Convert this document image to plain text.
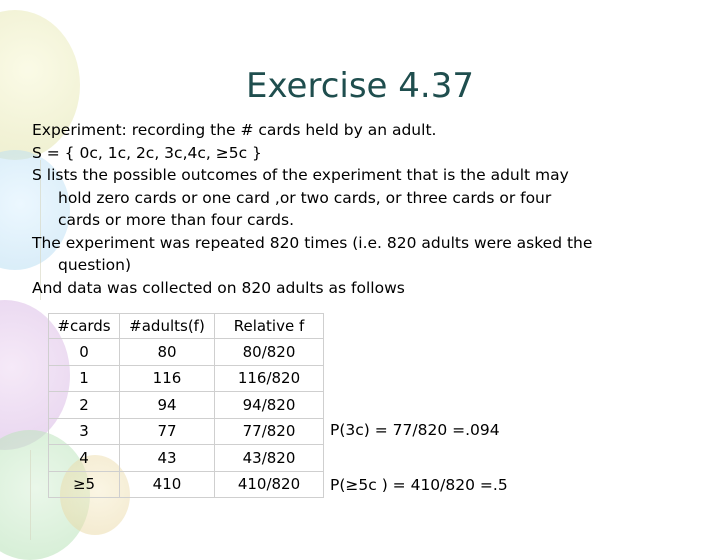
Exercise 4.37
Experiment: recording the # cards held by an adult.
S = { 0c, 1c, 2c, 3c,4c, ≥5c }
S lists the possible outcomes of the experiment that is the adult may
hold zero cards or one card ,or two cards, or three cards or four
cards or more than four cards.
The experiment was repeated 820 times (i.e. 820 adults were asked the
question)
And data was collected on 820 adults as follows
#cards	#adults(f)	Relative f
0	80	80/820
1	116	116/820
2	94	94/820
3	77	77/820
4	43	43/820
≥5	410	410/820
P(3c) = 77/820 =.094
P(≥5c ) = 410/820 =.5
